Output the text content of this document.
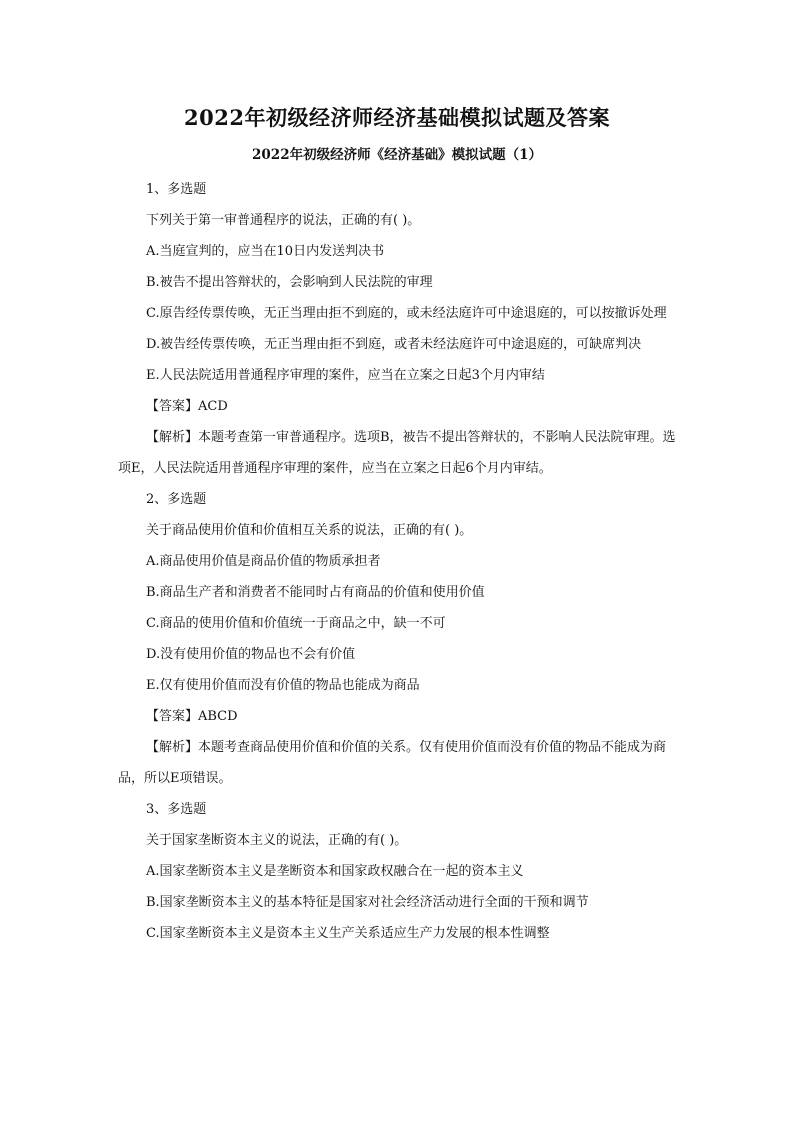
2022年初级经济师经济基础模拟试题及答案
2022年初级经济师《经济基础》模拟试题（1）

1、多选题

下列关于第一审普通程序的说法，正确的有( )。

A.当庭宣判的，应当在10日内发送判决书

B.被告不提出答辩状的，会影响到人民法院的审理

C.原告经传票传唤，无正当理由拒不到庭的，或未经法庭许可中途退庭的，可以按撤诉处理

D.被告经传票传唤，无正当理由拒不到庭，或者未经法庭许可中途退庭的，可缺席判决

E.人民法院适用普通程序审理的案件，应当在立案之日起3个月内审结

【答案】ACD

【解析】本题考查第一审普通程序。选项B，被告不提出答辩状的，不影响人民法院审理。选项E，人民法院适用普通程序审理的案件，应当在立案之日起6个月内审结。

2、多选题

关于商品使用价值和价值相互关系的说法，正确的有( )。

A.商品使用价值是商品价值的物质承担者

B.商品生产者和消费者不能同时占有商品的价值和使用价值

C.商品的使用价值和价值统一于商品之中，缺一不可

D.没有使用价值的物品也不会有价值

E.仅有使用价值而没有价值的物品也能成为商品

【答案】ABCD

【解析】本题考查商品使用价值和价值的关系。仅有使用价值而没有价值的物品不能成为商品，所以E项错误。

3、多选题

关于国家垄断资本主义的说法，正确的有( )。

A.国家垄断资本主义是垄断资本和国家政权融合在一起的资本主义

B.国家垄断资本主义的基本特征是国家对社会经济活动进行全面的干预和调节

C.国家垄断资本主义是资本主义生产关系适应生产力发展的根本性调整
